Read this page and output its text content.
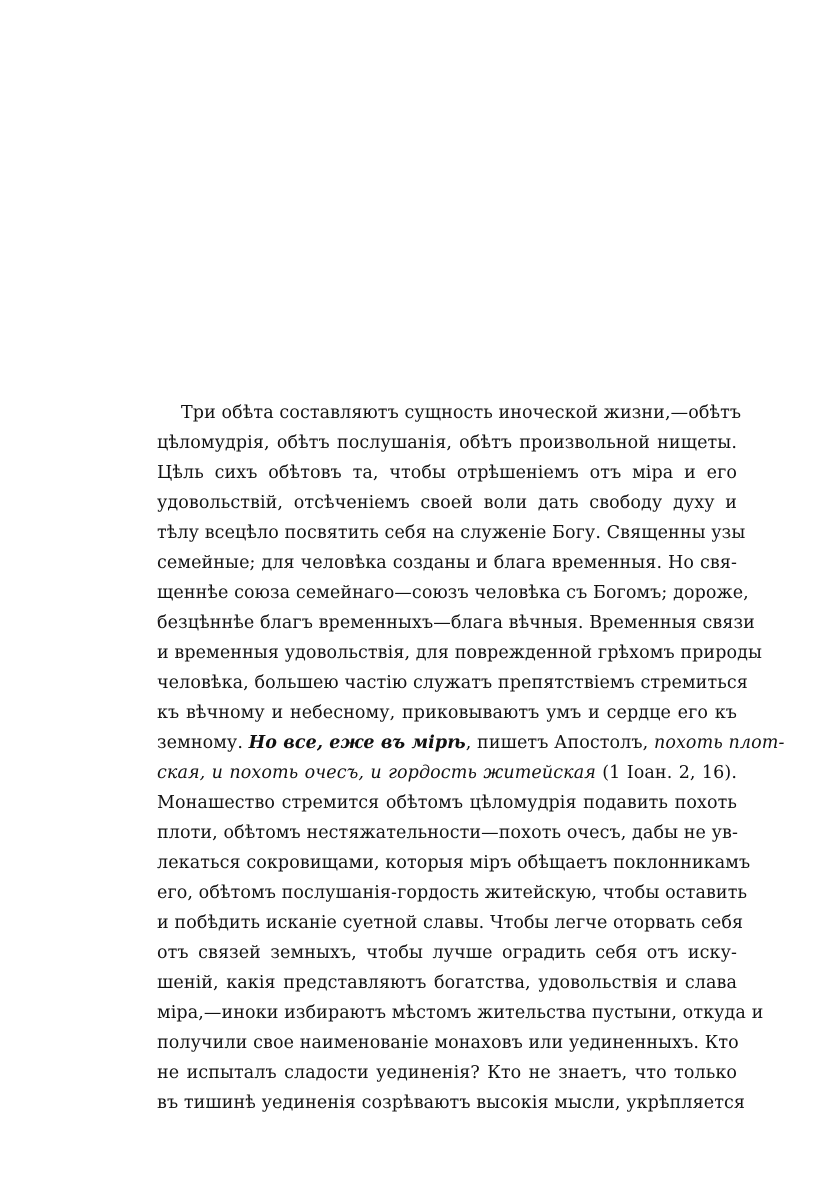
Три обѣта составляютъ сущность иноческой жизни,—обѣтъ
цѣломудрія, обѣтъ послушанія, обѣтъ произвольной нищеты.
Цѣль сихъ обѣтовъ та, чтобы отрѣшеніемъ отъ міра и его
удовольствій, отсѣченіемъ своей воли дать свободу духу и
тѣлу всецѣло посвятить себя на служеніе Богу. Священны узы
семейные; для человѣка созданы и блага временныя. Но свя-
щеннѣе союза семейнаго—союзъ человѣка съ Богомъ; дороже,
безцѣннѣе благъ временныхъ—блага вѣчныя. Временныя связи
и временныя удовольствія, для поврежденной грѣхомъ природы
человѣка, большею частію служатъ препятствіемъ стремиться
къ вѣчному и небесному, приковываютъ умъ и сердце его къ
земному. Но все, еже въ мірѣ, пишетъ Апостолъ, похоть плот-
ская, и похоть очесъ, и гордость житейская (1 Іоан. 2, 16).
Монашество стремится обѣтомъ цѣломудрія подавить похоть
плоти, обѣтомъ нестяжательности—похоть очесъ, дабы не ув-
лекаться сокровищами, которыя міръ обѣщаетъ поклонникамъ
его, обѣтомъ послушанія-гордость житейскую, чтобы оставить
и побѣдить исканіе суетной славы. Чтобы легче оторвать себя
отъ связей земныхъ, чтобы лучше оградить себя отъ иску-
шеній, какія представляютъ богатства, удовольствія и слава
міра,—иноки избираютъ мѣстомъ жительства пустыни, откуда и
получили свое наименованіе монаховъ или уединенныхъ. Кто
не испыталъ сладости уединенія? Кто не знаетъ, что только
въ тишинѣ уединенія созрѣваютъ высокія мысли, укрѣпляется
